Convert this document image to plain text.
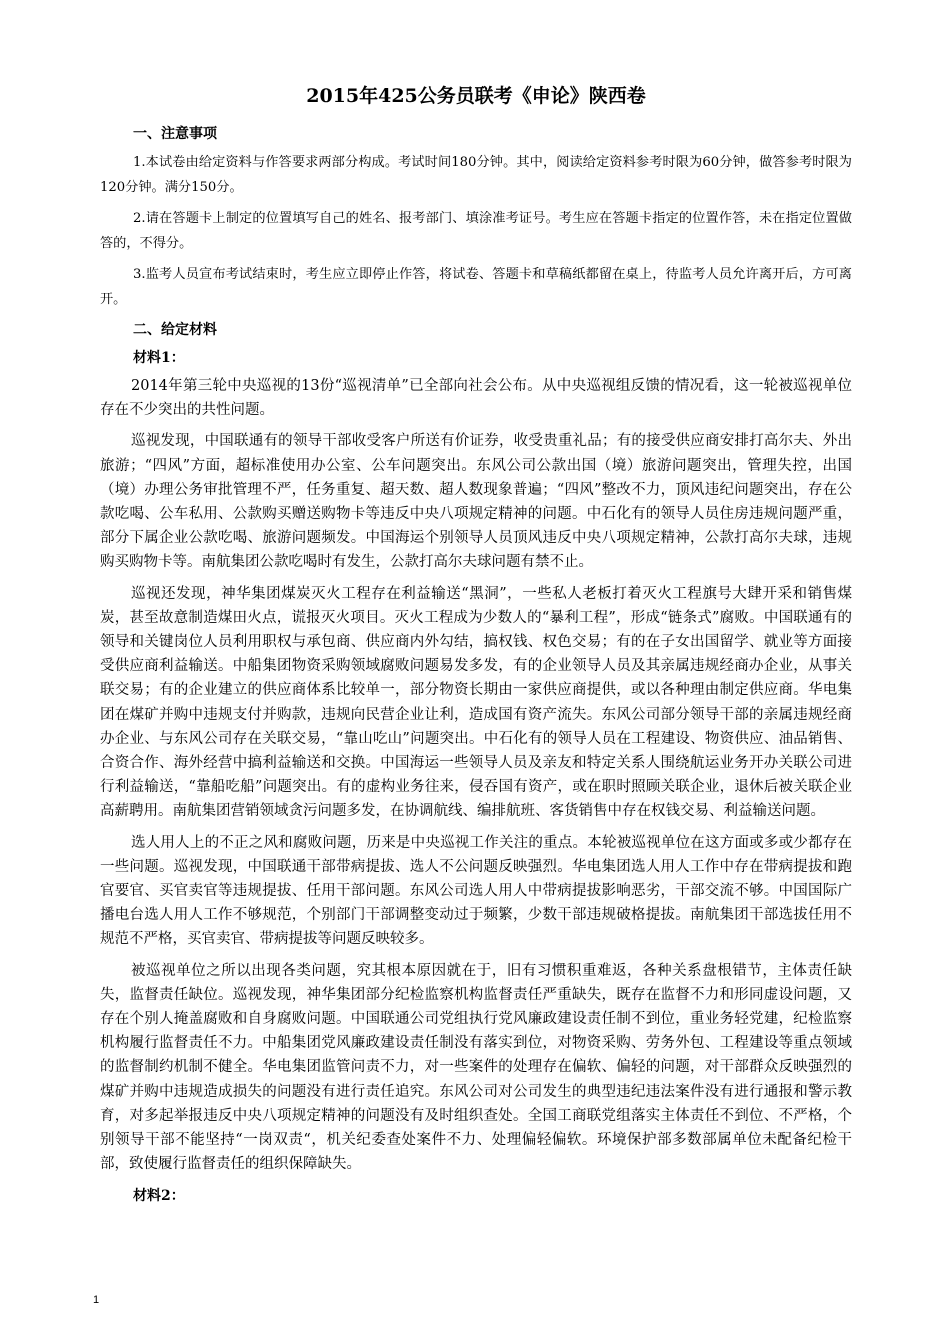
2015年425公务员联考《申论》陕西卷
一、注意事项

1.本试卷由给定资料与作答要求两部分构成。考试时间180分钟。其中，阅读给定资料参考时限为60分钟，做答参考时限为120分钟。满分150分。

2.请在答题卡上制定的位置填写自己的姓名、报考部门、填涂准考证号。考生应在答题卡指定的位置作答，未在指定位置做答的，不得分。

3.监考人员宣布考试结束时，考生应立即停止作答，将试卷、答题卡和草稿纸都留在桌上，待监考人员允许离开后，方可离开。

二、给定材料
材料1：

2014年第三轮中央巡视的13份“巡视清单”已全部向社会公布。从中央巡视组反馈的情况看，这一轮被巡视单位存在不少突出的共性问题。

巡视发现，中国联通有的领导干部收受客户所送有价证券，收受贵重礼品；有的接受供应商安排打高尔夫、外出旅游；“四风”方面，超标准使用办公室、公车问题突出。东风公司公款出国（境）旅游问题突出，管理失控，出国（境）办理公务审批管理不严，任务重复、超天数、超人数现象普遍；“四风”整改不力，顶风违纪问题突出，存在公款吃喝、公车私用、公款购买赠送购物卡等违反中央八项规定精神的问题。中石化有的领导人员住房违规问题严重，部分下属企业公款吃喝、旅游问题频发。中国海运个别领导人员顶风违反中央八项规定精神，公款打高尔夫球，违规购买购物卡等。南航集团公款吃喝时有发生，公款打高尔夫球问题有禁不止。

巡视还发现，神华集团煤炭灭火工程存在利益输送“黑洞”，一些私人老板打着灭火工程旗号大肆开采和销售煤炭，甚至故意制造煤田火点，谎报灭火项目。灭火工程成为少数人的“暴利工程”，形成“链条式”腐败。中国联通有的领导和关键岗位人员利用职权与承包商、供应商内外勾结，搞权钱、权色交易；有的在子女出国留学、就业等方面接受供应商利益输送。中船集团物资采购领域腐败问题易发多发，有的企业领导人员及其亲属违规经商办企业，从事关联交易；有的企业建立的供应商体系比较单一，部分物资长期由一家供应商提供，或以各种理由制定供应商。华电集团在煤矿并购中违规支付并购款，违规向民营企业让利，造成国有资产流失。东风公司部分领导干部的亲属违规经商办企业、与东风公司存在关联交易，“靠山吃山”问题突出。中石化有的领导人员在工程建设、物资供应、油品销售、合资合作、海外经营中搞利益输送和交换。中国海运一些领导人员及亲友和特定关系人围绕航运业务开办关联公司进行利益输送，“靠船吃船”问题突出。有的虚构业务往来，侵吞国有资产，或在职时照顾关联企业，退休后被关联企业高薪聘用。南航集团营销领域贪污问题多发，在协调航线、编排航班、客货销售中存在权钱交易、利益输送问题。

选人用人上的不正之风和腐败问题，历来是中央巡视工作关注的重点。本轮被巡视单位在这方面或多或少都存在一些问题。巡视发现，中国联通干部带病提拔、选人不公问题反映强烈。华电集团选人用人工作中存在带病提拔和跑官要官、买官卖官等违规提拔、任用干部问题。东风公司选人用人中带病提拔影响恶劣，干部交流不够。中国国际广播电台选人用人工作不够规范，个别部门干部调整变动过于频繁，少数干部违规破格提拔。南航集团干部选拔任用不规范不严格，买官卖官、带病提拔等问题反映较多。

被巡视单位之所以出现各类问题，究其根本原因就在于，旧有习惯积重难返，各种关系盘根错节，主体责任缺失，监督责任缺位。巡视发现，神华集团部分纪检监察机构监督责任严重缺失，既存在监督不力和形同虚设问题，又存在个别人掩盖腐败和自身腐败问题。中国联通公司党组执行党风廉政建设责任制不到位，重业务轻党建，纪检监察机构履行监督责任不力。中船集团党风廉政建设责任制没有落实到位，对物资采购、劳务外包、工程建设等重点领域的监督制约机制不健全。华电集团监管问责不力，对一些案件的处理存在偏软、偏轻的问题，对干部群众反映强烈的煤矿并购中违规造成损失的问题没有进行责任追究。东风公司对公司发生的典型违纪违法案件没有进行通报和警示教育，对多起举报违反中央八项规定精神的问题没有及时组织查处。全国工商联党组落实主体责任不到位、不严格，个别领导干部不能坚持“一岗双责“，机关纪委查处案件不力、处理偏轻偏软。环境保护部多数部属单位未配备纪检干部，致使履行监督责任的组织保障缺失。

材料2：
1
